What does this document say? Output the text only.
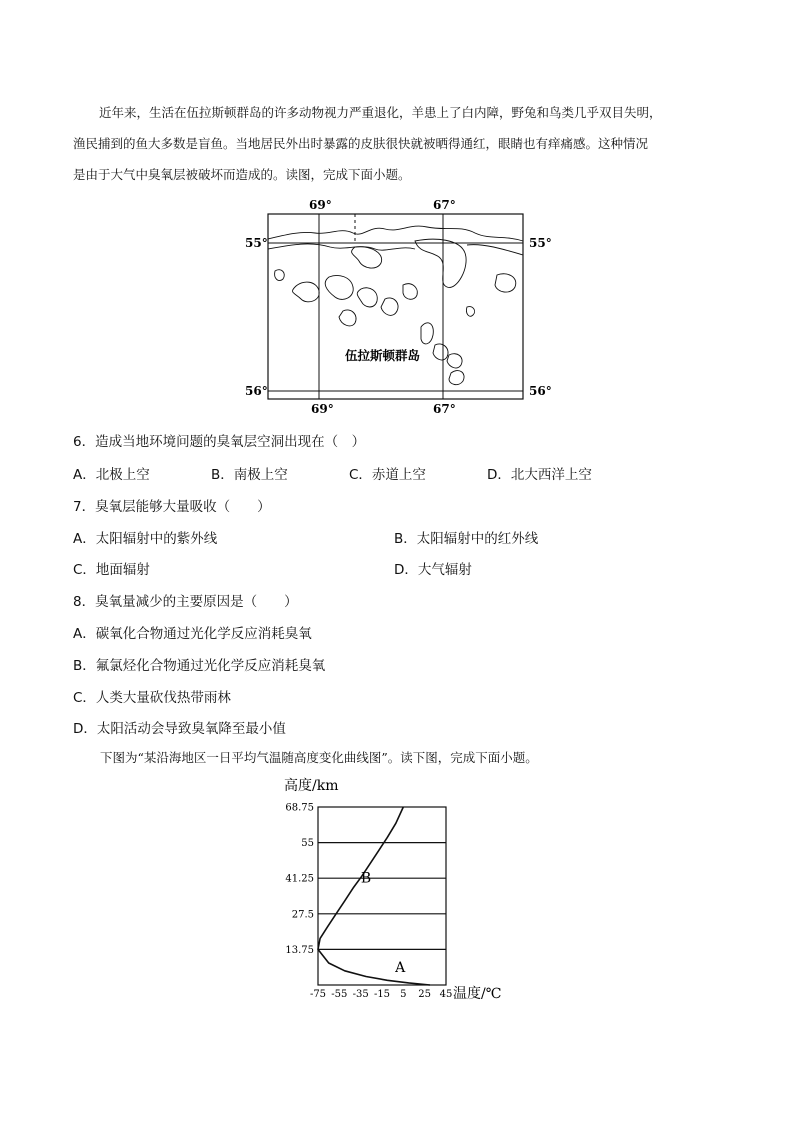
近年来，生活在伍拉斯顿群岛的许多动物视力严重退化，羊患上了白内障，野兔和鸟类几乎双目失明，
渔民捕到的鱼大多数是盲鱼。当地居民外出时暴露的皮肤很快就被晒得通红，眼睛也有痒痛感。这种情况
是由于大气中臭氧层被破坏而造成的。读图，完成下面小题。
69°	67°
55°	55°
56°	56°
69°	67°
伍拉斯顿群岛
6．造成当地环境问题的臭氧层空洞出现在（　）
A．北极上空	B．南极上空	C．赤道上空	D．北大西洋上空
7．臭氧层能够大量吸收（　　）
A．太阳辐射中的紫外线	B．太阳辐射中的红外线
C．地面辐射	D．大气辐射
8．臭氧量减少的主要原因是（　　）
A．碳氧化合物通过光化学反应消耗臭氧
B．氟氯烃化合物通过光化学反应消耗臭氧
C．人类大量砍伐热带雨林
D．太阳活动会导致臭氧降至最小值
下图为“某沿海地区一日平均气温随高度变化曲线图”。读下图，完成下面小题。
高度/km
温度/℃
13.75
27.5
41.25
55
68.75
-75 -55 -35 -15 5 25 45
A
B
